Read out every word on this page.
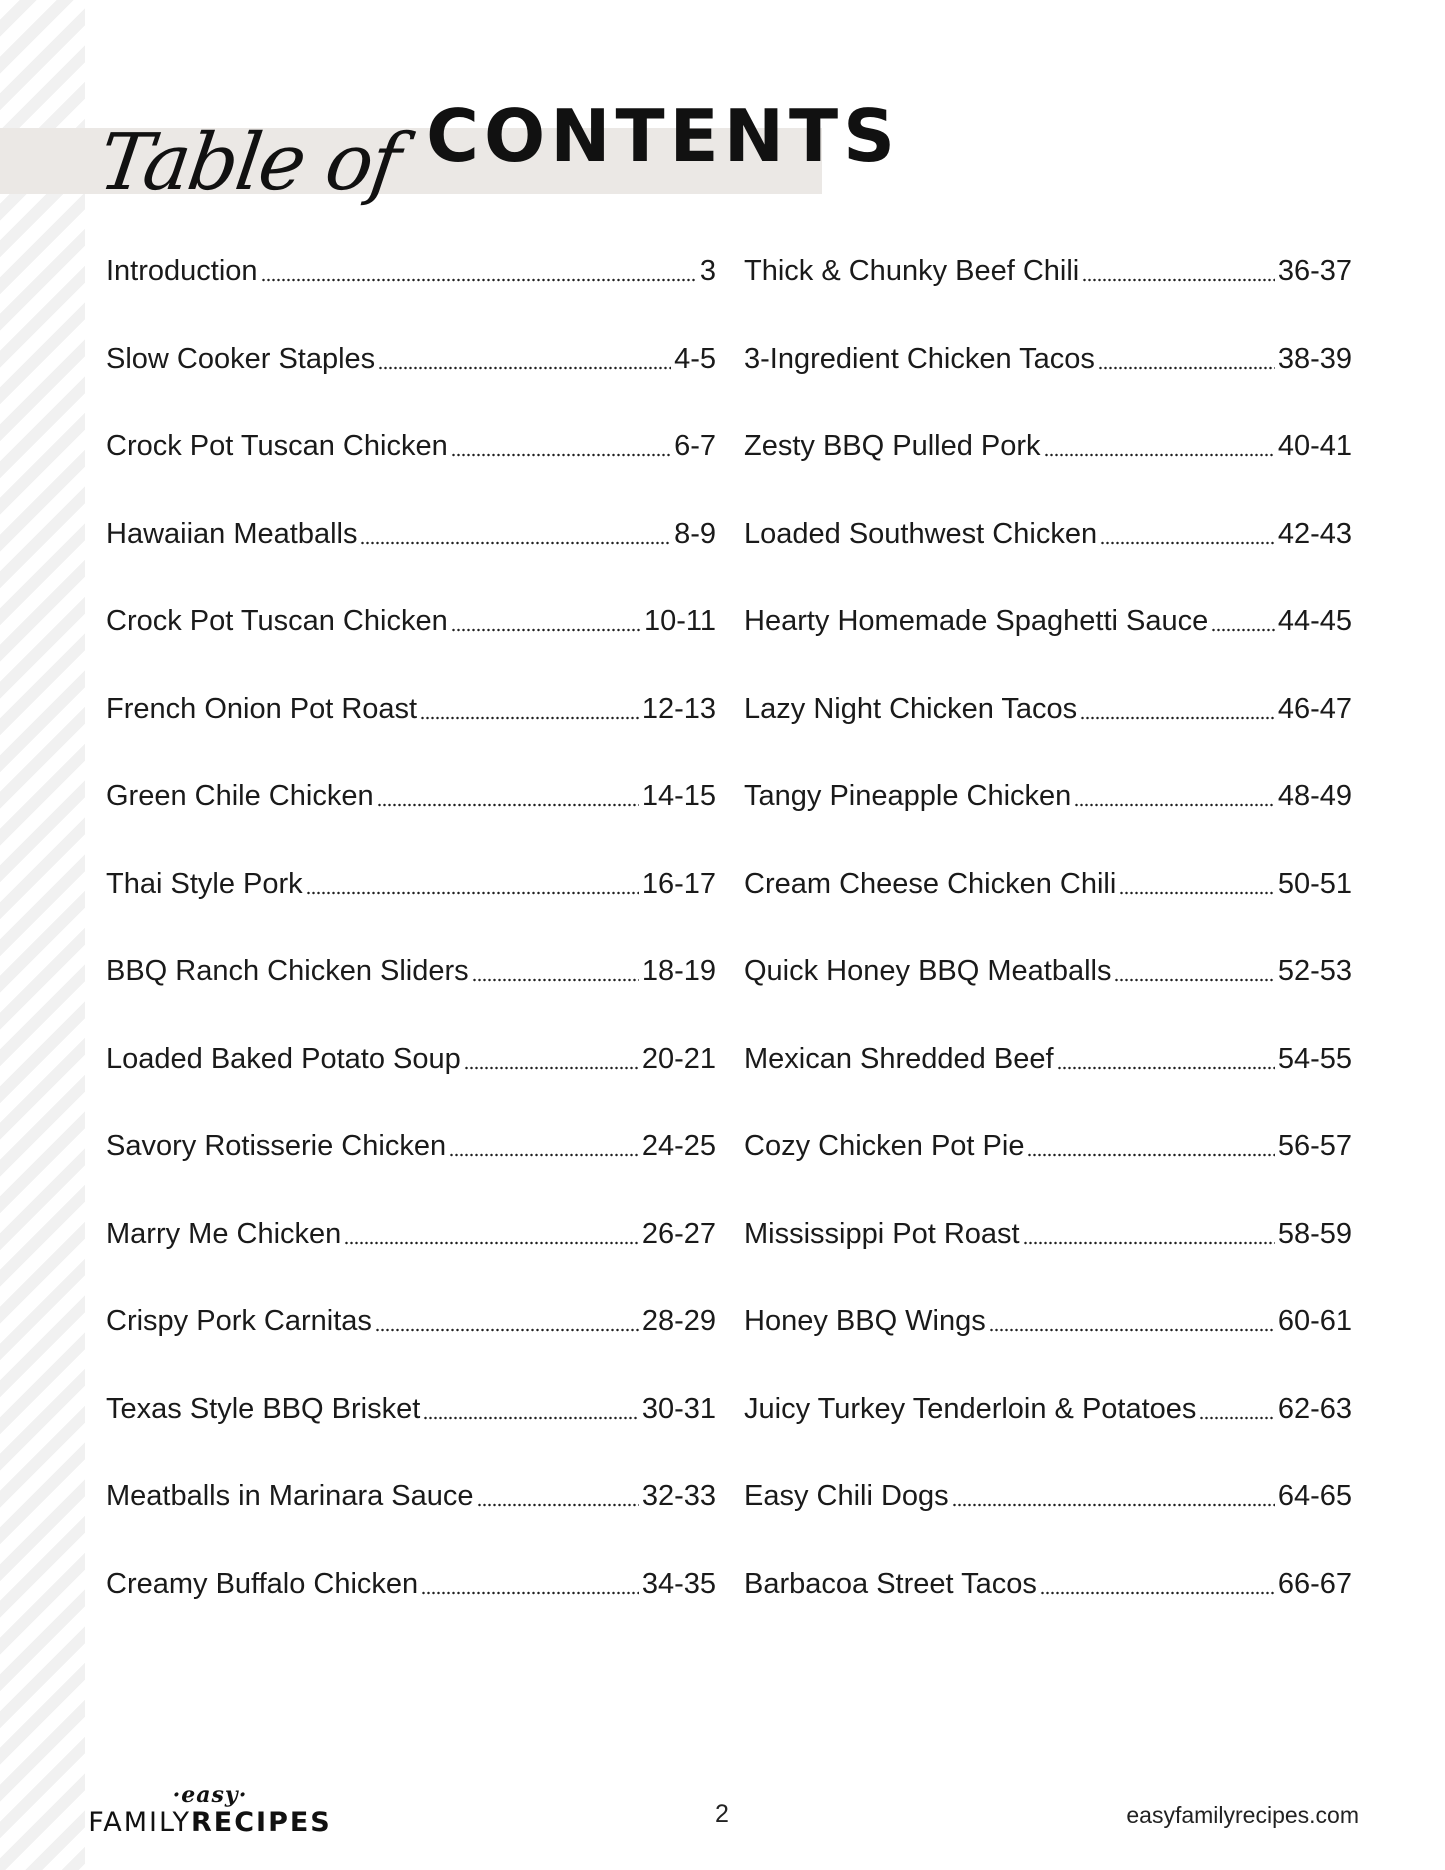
Table of CONTENTS
Introduction	3
Slow Cooker Staples	4-5
Crock Pot Tuscan Chicken	6-7
Hawaiian Meatballs	8-9
Crock Pot Tuscan Chicken	10-11
French Onion Pot Roast	12-13
Green Chile Chicken	14-15
Thai Style Pork	16-17
BBQ Ranch Chicken Sliders	18-19
Loaded Baked Potato Soup	20-21
Savory Rotisserie Chicken	24-25
Marry Me Chicken	26-27
Crispy Pork Carnitas	28-29
Texas Style BBQ Brisket	30-31
Meatballs in Marinara Sauce	32-33
Creamy Buffalo Chicken	34-35
Thick & Chunky Beef Chili	36-37
3-Ingredient Chicken Tacos	38-39
Zesty BBQ Pulled Pork	40-41
Loaded Southwest Chicken	42-43
Hearty Homemade Spaghetti Sauce 44-45
Lazy Night Chicken Tacos	46-47
Tangy Pineapple Chicken	48-49
Cream Cheese Chicken Chili	50-51
Quick Honey BBQ Meatballs	52-53
Mexican Shredded Beef	54-55
Cozy Chicken Pot Pie	56-57
Mississippi Pot Roast	58-59
Honey BBQ Wings	60-61
Juicy Turkey Tenderloin & Potatoes	62-63
Easy Chili Dogs	64-65
Barbacoa Street Tacos	66-67
·easy·
FAMILYRECIPES	2	easyfamilyrecipes.com
